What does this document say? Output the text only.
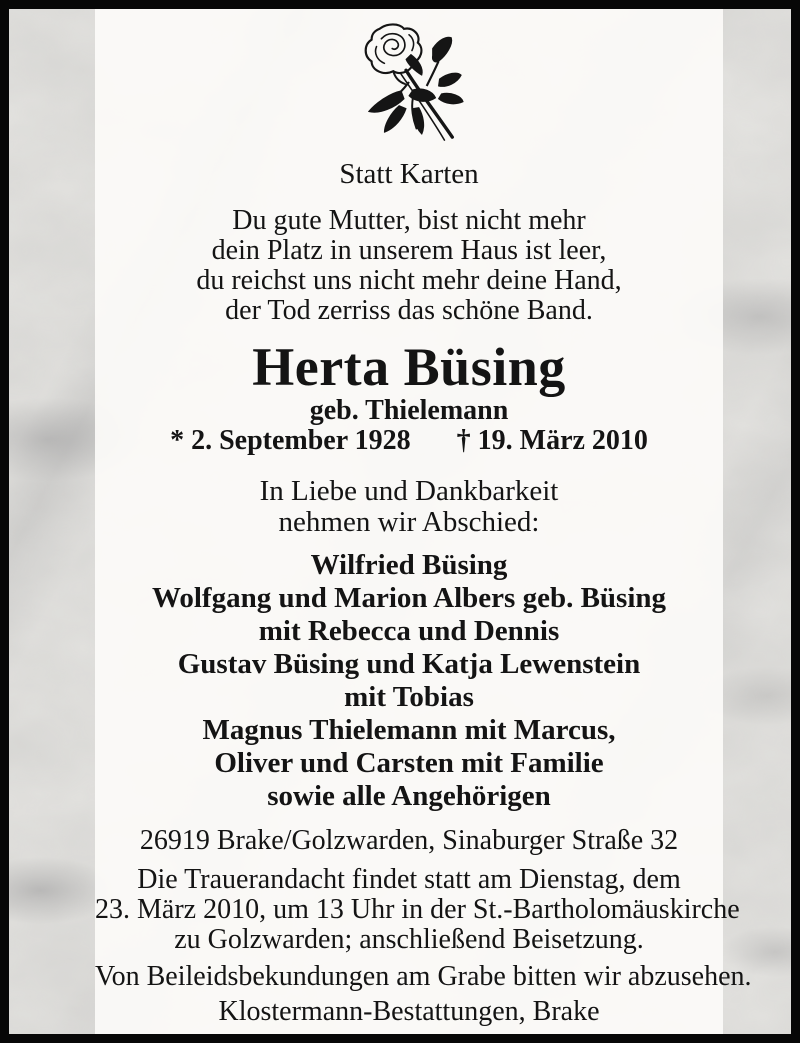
Statt Karten
Du gute Mutter, bist nicht mehr
dein Platz in unserem Haus ist leer,
du reichst uns nicht mehr deine Hand,
der Tod zerriss das schöne Band.
Herta Büsing
geb. Thielemann
* 2. September 1928 † 19. März 2010
In Liebe und Dankbarkeit
nehmen wir Abschied:
Wilfried Büsing
Wolfgang und Marion Albers geb. Büsing
mit Rebecca und Dennis
Gustav Büsing und Katja Lewenstein
mit Tobias
Magnus Thielemann mit Marcus,
Oliver und Carsten mit Familie
sowie alle Angehörigen
26919 Brake/Golzwarden, Sinaburger Straße 32
Die Trauerandacht findet statt am Dienstag, dem
23. März 2010, um 13 Uhr in der St.-Bartholomäuskirche
zu Golzwarden; anschließend Beisetzung.
Von Beileidsbekundungen am Grabe bitten wir abzusehen.
Klostermann-Bestattungen, Brake
